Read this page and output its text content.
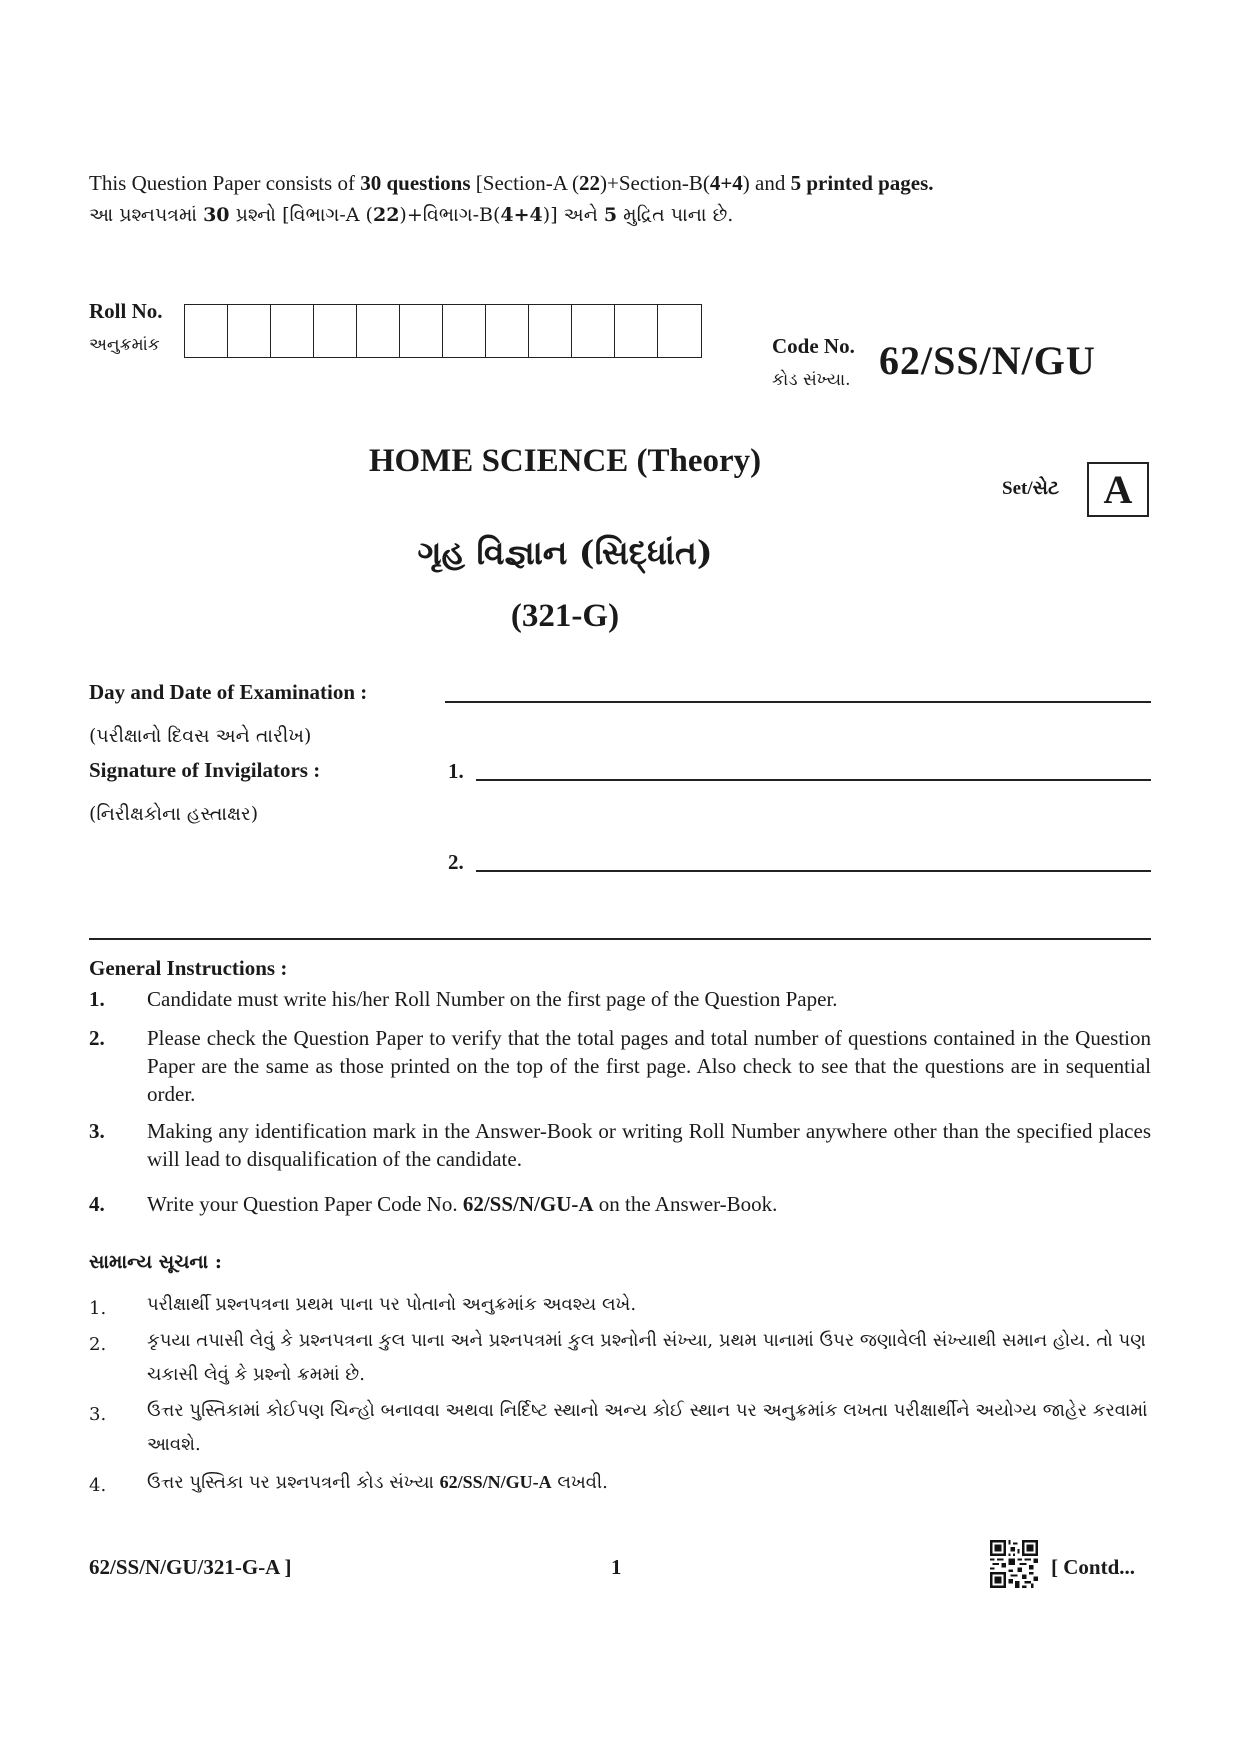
This Question Paper consists of 30 questions [Section-A (22)+Section-B(4+4) and 5 printed pages.
આ પ્રશ્નપત્રમાં 30 પ્રશ્નો [વિભાગ-A (22)+વિભાગ-B(4+4)] અને 5 મુદ્રિત પાના છે.
Roll No.
અનુક્રમાંક	Code No.
કોડ સંખ્યા. 62/SS/N/GU
HOME SCIENCE (Theory)
ગૃહ વિજ્ઞાન (સિદ્ધાંત)
(321-G)
Set/સેટ	A
Day and Date of Examination :
(પરીક્ષાનો દિવસ અને તારીખ)
Signature of Invigilators :	1.
(નિરીક્ષકોના હસ્તાક્ષર)
2.
General Instructions :
1. Candidate must write his/her Roll Number on the first page of the Question Paper.
2. Please check the Question Paper to verify that the total pages and total number of questions contained in the Question Paper are the same as those printed on the top of the first page. Also check to see that the questions are in sequential order.
3. Making any identification mark in the Answer-Book or writing Roll Number anywhere other than the specified places will lead to disqualification of the candidate.
4. Write your Question Paper Code No. 62/SS/N/GU-A on the Answer-Book.
સામાન્ય સૂચના :
1. પરીક્ષાર્થી પ્રશ્નપત્રના પ્રથમ પાના પર પોતાનો અનુક્રમાંક અવશ્ય લખે.
2. કૃપયા તપાસી લેવું કે પ્રશ્નપત્રના કુલ પાના અને પ્રશ્નપત્રમાં કુલ પ્રશ્નોની સંખ્યા, પ્રથમ પાનામાં ઉપર જણાવેલી સંખ્યાથી સમાન હોય. તો પણ ચકાસી લેવું કે પ્રશ્નો ક્રમમાં છે.
3. ઉત્તર પુસ્તિકામાં કોઈપણ ચિન્હો બનાવવા અથવા નિર્દિષ્ટ સ્થાનો અન્ય કોઈ સ્થાન પર અનુક્રમાંક લખતા પરીક્ષાર્થીને અયોગ્ય જાહેર કરવામાં આવશે.
4. ઉત્તર પુસ્તિકા પર પ્રશ્નપત્રની કોડ સંખ્યા 62/SS/N/GU-A લખવી.
62/SS/N/GU/321-G-A ]	1	[ Contd...
